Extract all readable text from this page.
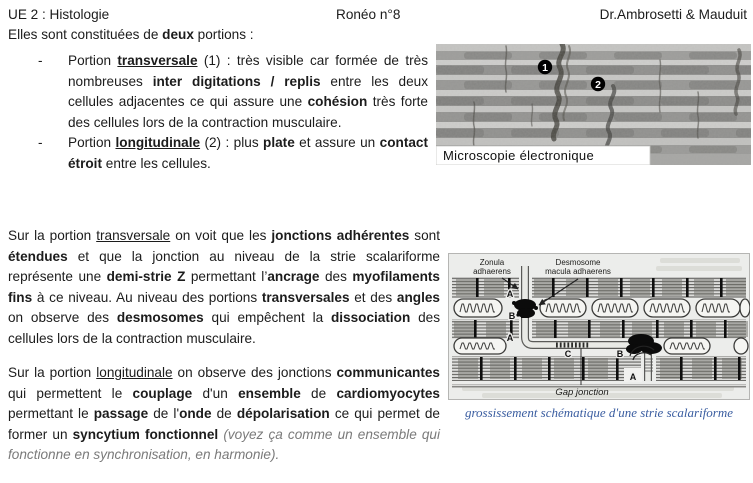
UE 2 : Histologie	Ronéo n°8	Dr.Ambrosetti & Mauduit
Elles sont constituées de deux portions :
-	Portion transversale (1) : très visible car formée de très nombreuses inter digitations / replis entre les deux cellules adjacentes ce qui assure une cohésion très forte des cellules lors de la contraction musculaire.
-	Portion longitudinale (2) : plus plate et assure un contact étroit entre les cellules.
Sur la portion transversale on voit que les jonctions adhérentes sont étendues et que la jonction au niveau de la strie scalariforme représente une demi-strie Z permettant l’ancrage des myofilaments fins à ce niveau. Au niveau des portions transversales et des angles on observe des desmosomes qui empêchent la dissociation des cellules lors de la contraction musculaire.
Sur la portion longitudinale on observe des jonctions communicantes qui permettent le couplage d'un ensemble de cardiomyocytes permettant le passage de l'onde de dépolarisation ce qui permet de former un syncytium fonctionnel (voyez ça comme un ensemble qui fonctionne en synchronisation, en harmonie).
1
2
Microscopie électronique
Zonula
adhaerens
Desmosome
macula adhaerens
A
B
A
C	B
A
Gap jonction
grossissement schématique d'une strie scalariforme
